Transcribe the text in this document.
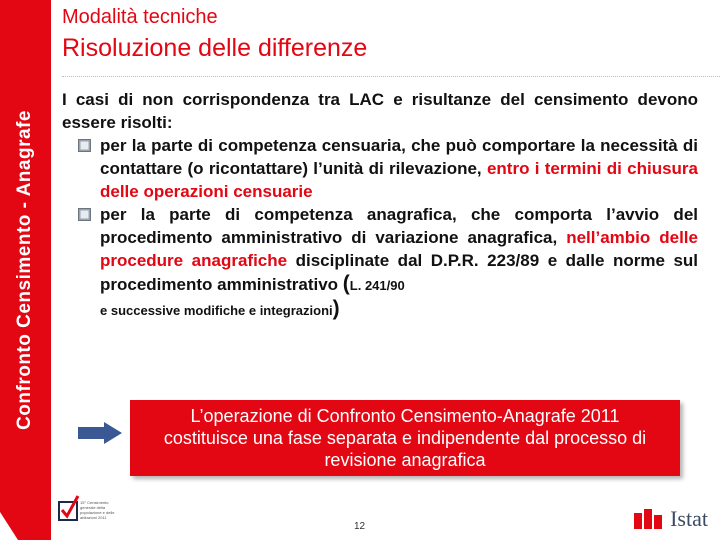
Confronto Censimento - Anagrafe
Modalità tecniche
Risoluzione delle differenze

I casi di non corrispondenza tra LAC e risultanze del censimento devono essere risolti:

per la parte di competenza censuaria, che può comportare la necessità di contattare (o ricontattare) l’unità di rilevazione, entro i termini di chiusura delle operazioni censuarie

per la parte di competenza anagrafica, che comporta l’avvio del procedimento amministrativo di variazione anagrafica, nell’ambio delle procedure anagrafiche disciplinate dal D.P.R. 223/89 e dalle norme sul procedimento amministrativo (L. 241/90
e successive modifiche e integrazioni)

L’operazione di Confronto Censimento-Anagrafe 2011 costituisce una fase separata e indipendente dal processo di revisione anagrafica
15° Censimento generale della popolazione e delle abitazioni 2011
12	Istat
